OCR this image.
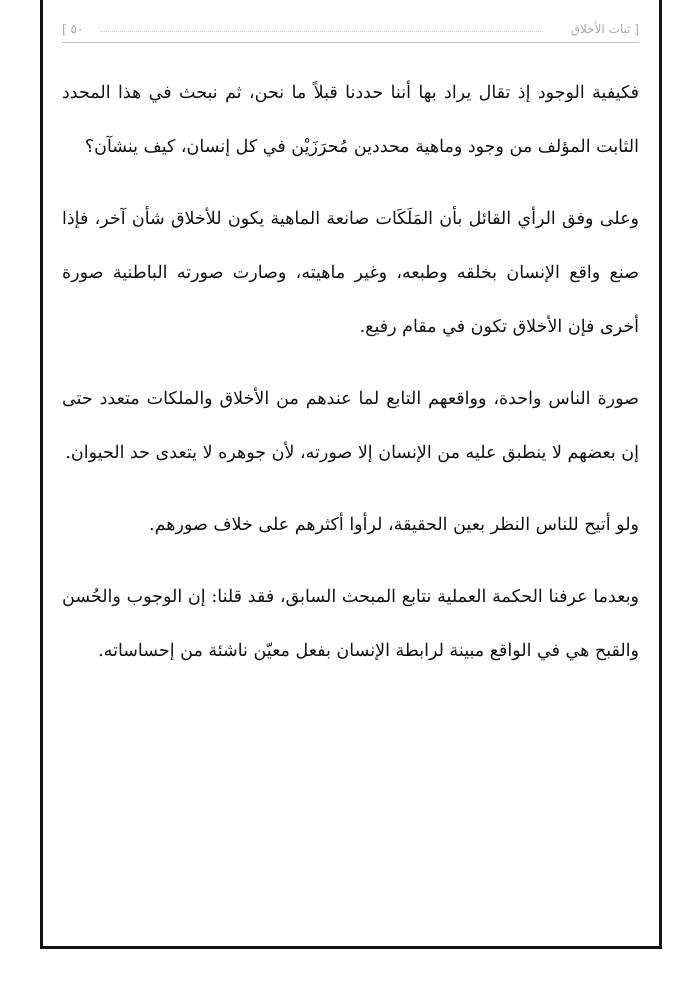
[ ثبات الأخلاق
٥٠ ]

فكيفية الوجود إذ تقال يراد بها أننا حددنا قبلاً ما نحن، ثم نبحث في هذا المحدد الثابت المؤلف من وجود وماهية محددين مُحرَزَيْن في كل إنسان، كيف ينشآن؟

وعلى وفق الرأي القائل بأن المَلَكَات صانعة الماهية يكون للأخلاق شأن آخر، فإذا صنع واقع الإنسان بخلقه وطبعه، وغير ماهيته، وصارت صورته الباطنية صورة أخرى فإن الأخلاق تكون في مقام رفيع.

صورة الناس واحدة، وواقعهم التابع لما عندهم من الأخلاق والملكات متعدد حتى إن بعضهم لا ينطبق عليه من الإنسان إلا صورته، لأن جوهره لا يتعدى حد الحيوان.

ولو أتيح للناس النظر بعين الحقيقة، لرأوا أكثرهم على خلاف صورهم.

وبعدما عرفنا الحكمة العملية نتابع المبحث السابق، فقد قلنا: إن الوجوب والحُسن والقبح هي في الواقع مبينة لرابطة الإنسان بفعل معيّن ناشئة من إحساساته.
